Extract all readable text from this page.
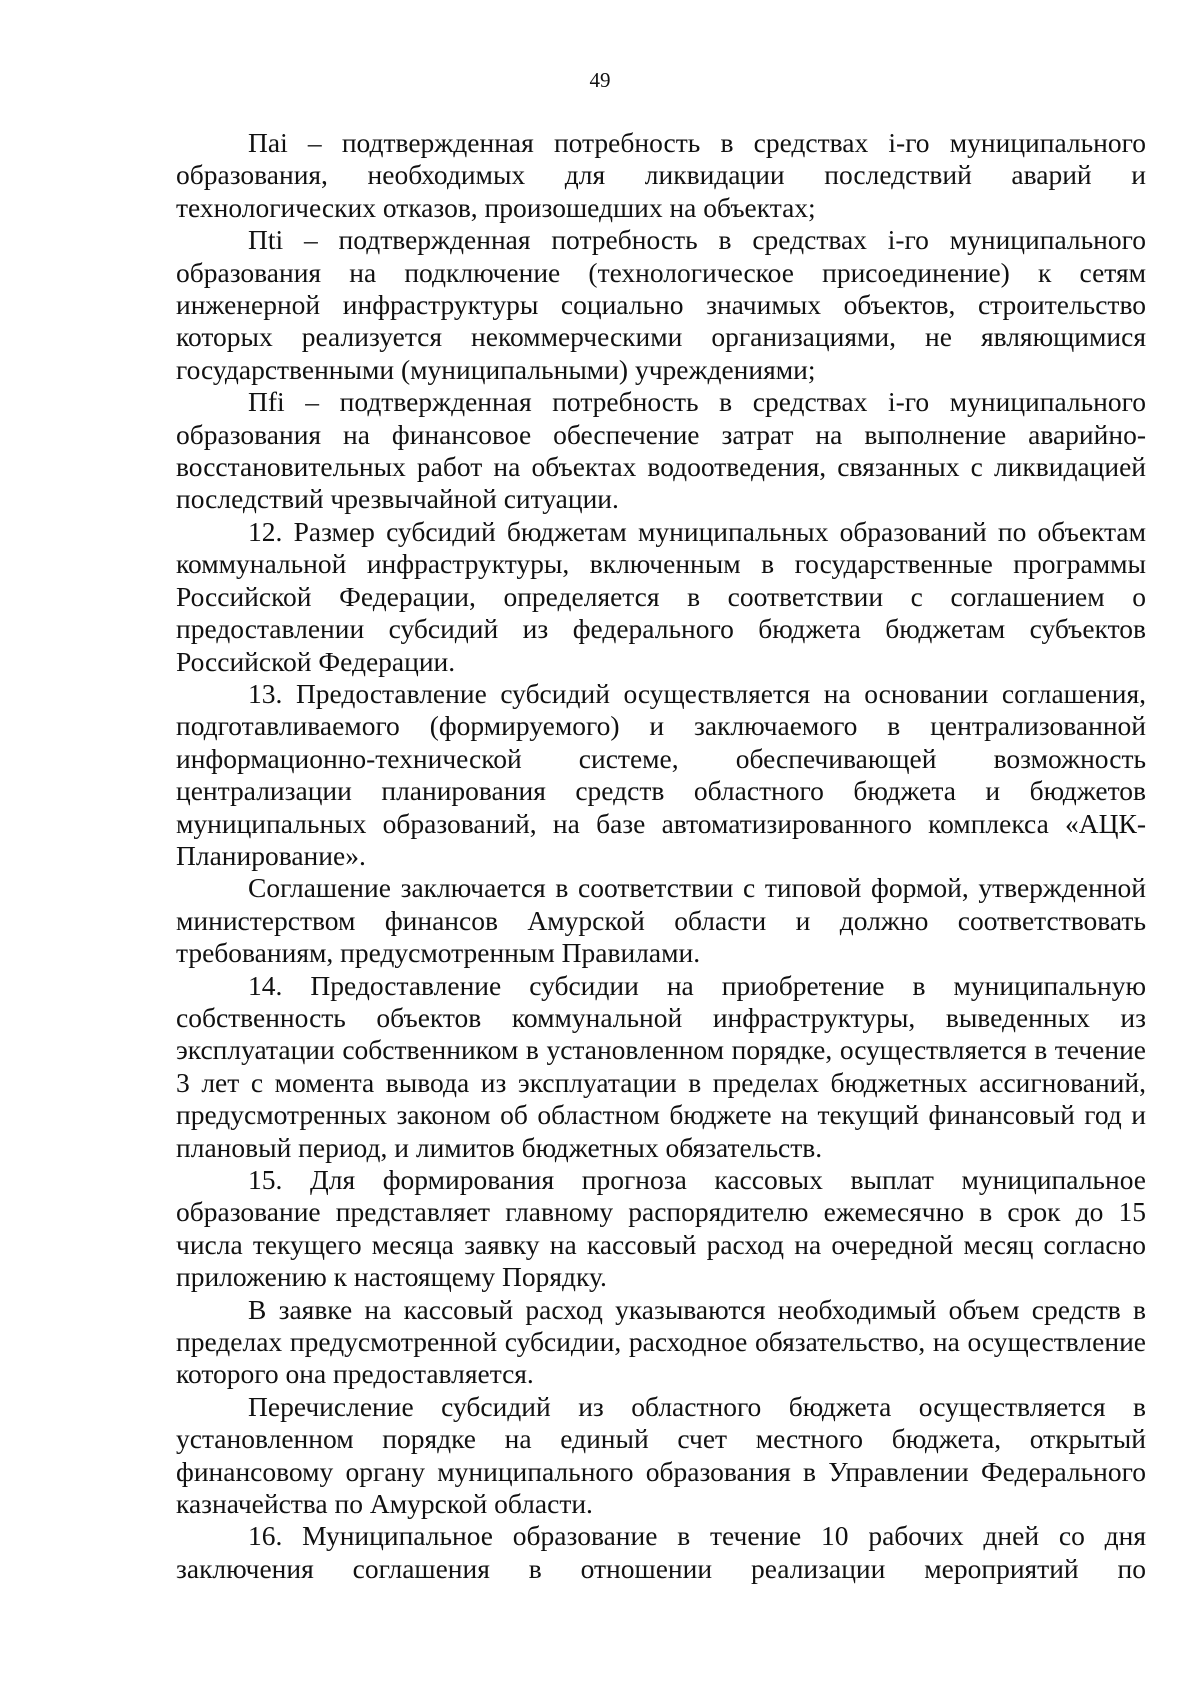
49

Паi – подтвержденная потребность в средствах i-го муниципального образования, необходимых для ликвидации последствий аварий и технологических отказов, произошедших на объектах;

Пti – подтвержденная потребность в средствах i-го муниципального образования на подключение (технологическое присоединение) к сетям инженерной инфраструктуры социально значимых объектов, строительство которых реализуется некоммерческими организациями, не являющимися государственными (муниципальными) учреждениями;

Пfi – подтвержденная потребность в средствах i-го муниципального образования на финансовое обеспечение затрат на выполнение аварийно-восстановительных работ на объектах водоотведения, связанных с ликвидацией последствий чрезвычайной ситуации.

12. Размер субсидий бюджетам муниципальных образований по объектам коммунальной инфраструктуры, включенным в государственные программы Российской Федерации, определяется в соответствии с соглашением о предоставлении субсидий из федерального бюджета бюджетам субъектов Российской Федерации.

13. Предоставление субсидий осуществляется на основании соглашения, подготавливаемого (формируемого) и заключаемого в централизованной информационно-технической системе, обеспечивающей возможность централизации планирования средств областного бюджета и бюджетов муниципальных образований, на базе автоматизированного комплекса «АЦК-Планирование».

Соглашение заключается в соответствии с типовой формой, утвержденной министерством финансов Амурской области и должно соответствовать требованиям, предусмотренным Правилами.

14. Предоставление субсидии на приобретение в муниципальную собственность объектов коммунальной инфраструктуры, выведенных из эксплуатации собственником в установленном порядке, осуществляется в течение 3 лет с момента вывода из эксплуатации в пределах бюджетных ассигнований, предусмотренных законом об областном бюджете на текущий финансовый год и плановый период, и лимитов бюджетных обязательств.

15. Для формирования прогноза кассовых выплат муниципальное образование представляет главному распорядителю ежемесячно в срок до 15 числа текущего месяца заявку на кассовый расход на очередной месяц согласно приложению к настоящему Порядку.

В заявке на кассовый расход указываются необходимый объем средств в пределах предусмотренной субсидии, расходное обязательство, на осуществление которого она предоставляется.

Перечисление субсидий из областного бюджета осуществляется в установленном порядке на единый счет местного бюджета, открытый финансовому органу муниципального образования в Управлении Федерального казначейства по Амурской области.

16. Муниципальное образование в течение 10 рабочих дней со дня заключения соглашения в отношении реализации мероприятий по
